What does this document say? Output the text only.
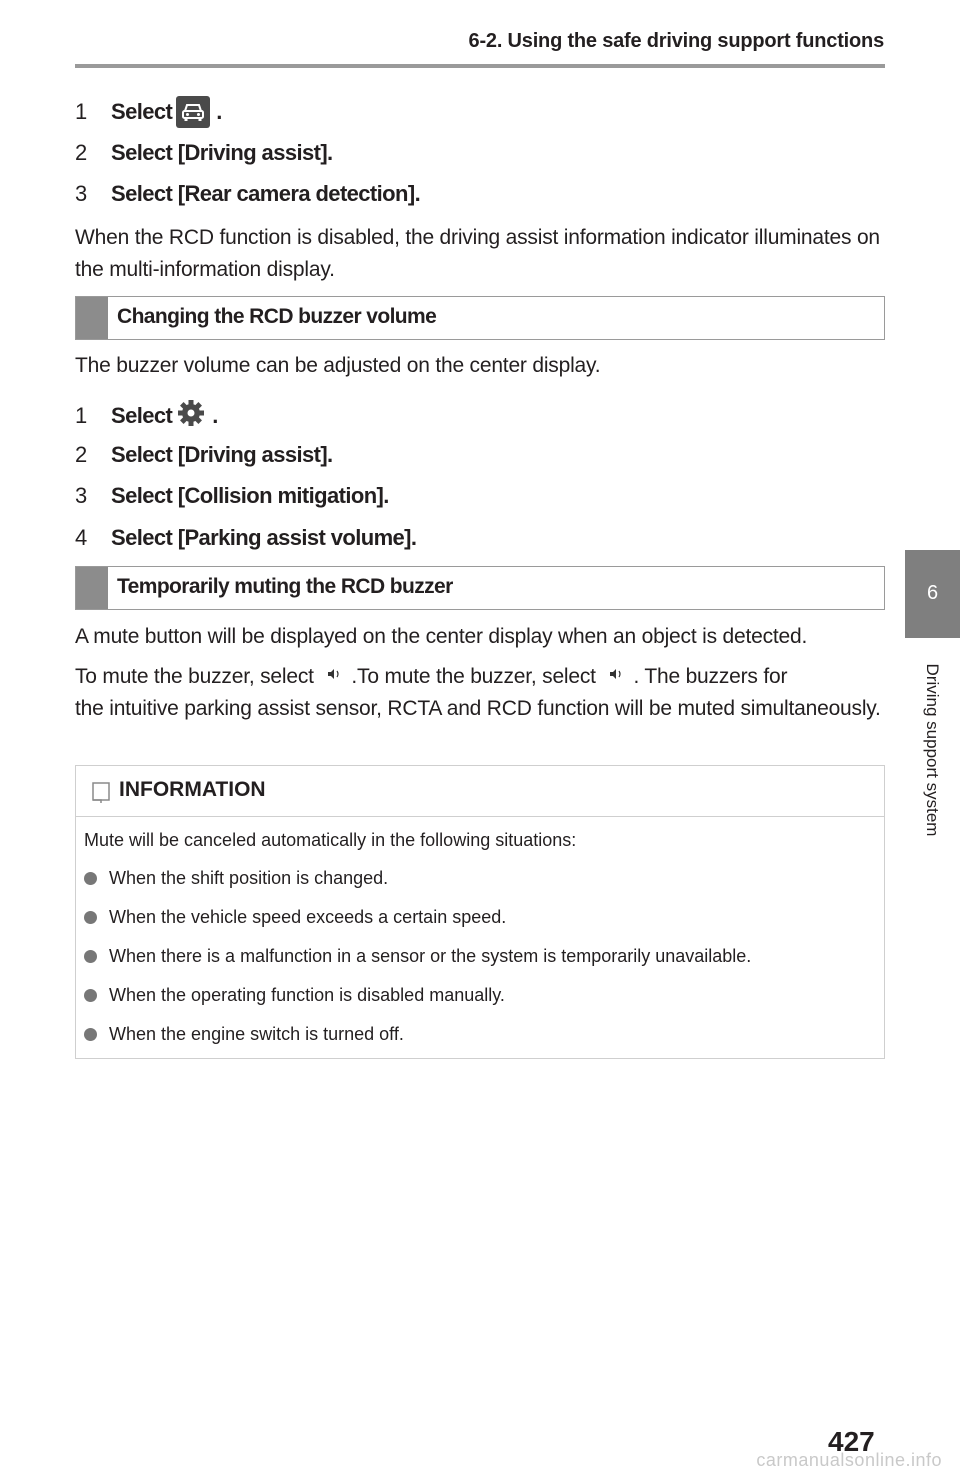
6-2. Using the safe driving support functions
6
Driving support system
1	Select .
2	Select [Driving assist].
3	Select [Rear camera detection].
When the RCD function is disabled, the driving assist information indicator illuminates on the multi-information display.
Changing the RCD buzzer volume
The buzzer volume can be adjusted on the center display.
1	Select .
2	Select [Driving assist].
3	Select [Collision mitigation].
4	Select [Parking assist volume].
Temporarily muting the RCD buzzer
A mute button will be displayed on the center display when an object is detected.
To mute the buzzer, select .To mute the buzzer, select . The buzzers for
the intuitive parking assist sensor, RCTA and RCD function will be muted simultaneously.
INFORMATION
Mute will be canceled automatically in the following situations:
When the shift position is changed.
When the vehicle speed exceeds a certain speed.
When there is a malfunction in a sensor or the system is temporarily unavailable.
When the operating function is disabled manually.
When the engine switch is turned off.
427
carmanualsonline.info
